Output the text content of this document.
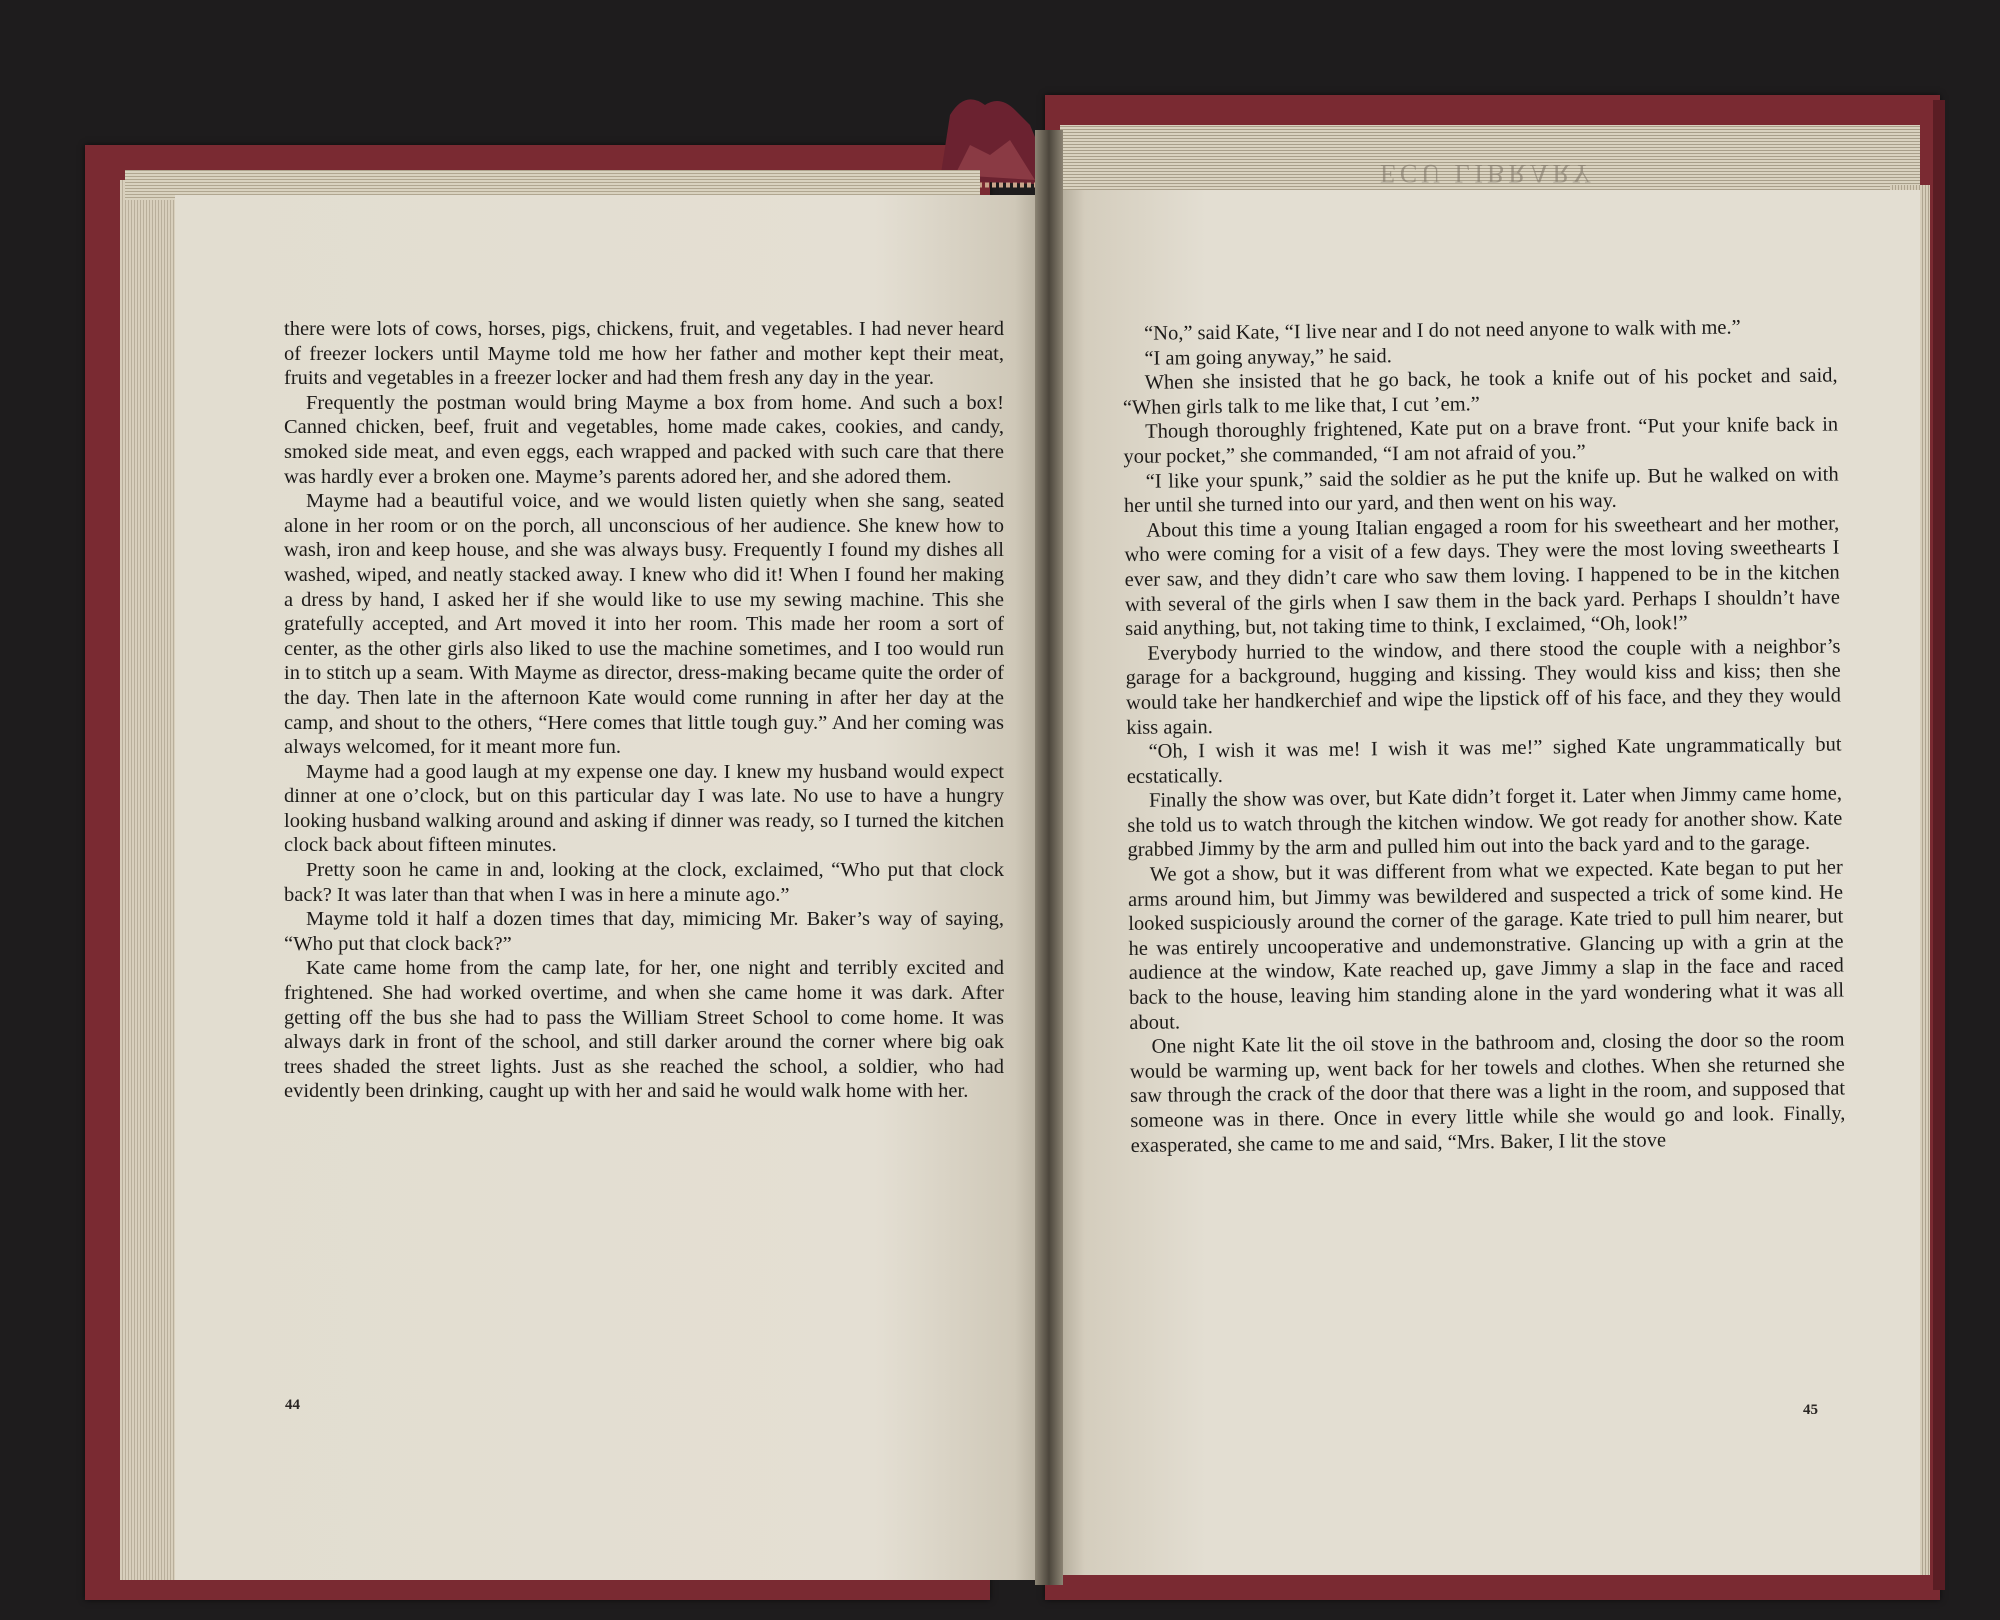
ECU LIBRARY

there were lots of cows, horses, pigs, chickens, fruit, and vegetables. I had never heard of freezer lockers until Mayme told me how her father and mother kept their meat, fruits and vegetables in a freezer locker and had them fresh any day in the year.

Frequently the postman would bring Mayme a box from home. And such a box! Canned chicken, beef, fruit and vegetables, home made cakes, cookies, and candy, smoked side meat, and even eggs, each wrapped and packed with such care that there was hardly ever a broken one. Mayme’s parents adored her, and she adored them.

Mayme had a beautiful voice, and we would listen quietly when she sang, seated alone in her room or on the porch, all unconscious of her audience. She knew how to wash, iron and keep house, and she was always busy. Frequently I found my dishes all washed, wiped, and neatly stacked away. I knew who did it! When I found her making a dress by hand, I asked her if she would like to use my sewing machine. This she gratefully accepted, and Art moved it into her room. This made her room a sort of center, as the other girls also liked to use the machine sometimes, and I too would run in to stitch up a seam. With Mayme as director, dress-making became quite the order of the day. Then late in the afternoon Kate would come running in after her day at the camp, and shout to the others, “Here comes that little tough guy.” And her coming was always welcomed, for it meant more fun.

Mayme had a good laugh at my expense one day. I knew my husband would expect dinner at one o’clock, but on this particular day I was late. No use to have a hungry looking husband walking around and asking if dinner was ready, so I turned the kitchen clock back about fifteen minutes.

Pretty soon he came in and, looking at the clock, exclaimed, “Who put that clock back? It was later than that when I was in here a minute ago.”

Mayme told it half a dozen times that day, mimicing Mr. Baker’s way of saying, “Who put that clock back?”

Kate came home from the camp late, for her, one night and terribly excited and frightened. She had worked overtime, and when she came home it was dark. After getting off the bus she had to pass the William Street School to come home. It was always dark in front of the school, and still darker around the corner where big oak trees shaded the street lights. Just as she reached the school, a soldier, who had evidently been drinking, caught up with her and said he would walk home with her.

44

“No,” said Kate, “I live near and I do not need anyone to walk with me.”

“I am going anyway,” he said.

When she insisted that he go back, he took a knife out of his pocket and said, “When girls talk to me like that, I cut ’em.”

Though thoroughly frightened, Kate put on a brave front. “Put your knife back in your pocket,” she commanded, “I am not afraid of you.”

“I like your spunk,” said the soldier as he put the knife up. But he walked on with her until she turned into our yard, and then went on his way.

About this time a young Italian engaged a room for his sweetheart and her mother, who were coming for a visit of a few days. They were the most loving sweethearts I ever saw, and they didn’t care who saw them loving. I happened to be in the kitchen with several of the girls when I saw them in the back yard. Perhaps I shouldn’t have said anything, but, not taking time to think, I exclaimed, “Oh, look!”

Everybody hurried to the window, and there stood the couple with a neighbor’s garage for a background, hugging and kissing. They would kiss and kiss; then she would take her handkerchief and wipe the lipstick off of his face, and they they would kiss again.

“Oh, I wish it was me! I wish it was me!” sighed Kate ungrammatically but ecstatically.

Finally the show was over, but Kate didn’t forget it. Later when Jimmy came home, she told us to watch through the kitchen window. We got ready for another show. Kate grabbed Jimmy by the arm and pulled him out into the back yard and to the garage.

We got a show, but it was different from what we expected. Kate began to put her arms around him, but Jimmy was bewildered and suspected a trick of some kind. He looked suspiciously around the corner of the garage. Kate tried to pull him nearer, but he was entirely uncooperative and undemonstrative. Glancing up with a grin at the audience at the window, Kate reached up, gave Jimmy a slap in the face and raced back to the house, leaving him standing alone in the yard wondering what it was all about.

One night Kate lit the oil stove in the bathroom and, closing the door so the room would be warming up, went back for her towels and clothes. When she returned she saw through the crack of the door that there was a light in the room, and supposed that someone was in there. Once in every little while she would go and look. Finally, exasperated, she came to me and said, “Mrs. Baker, I lit the stove

45
